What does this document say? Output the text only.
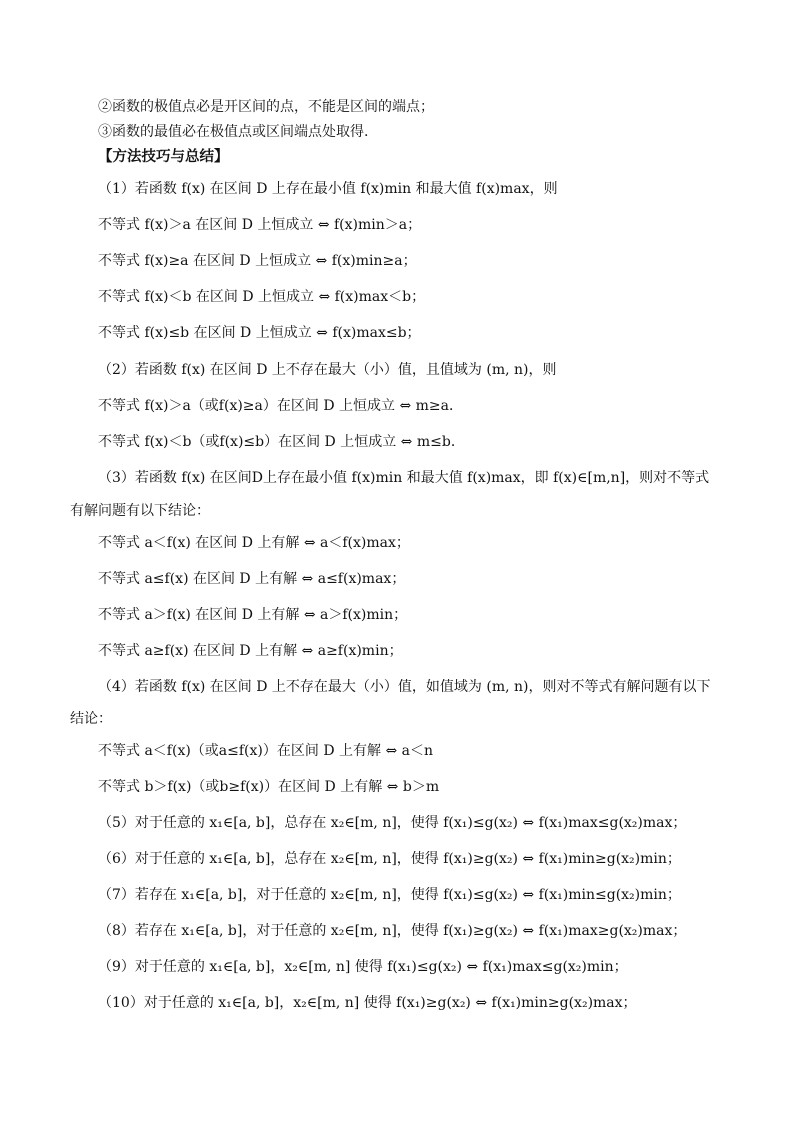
②函数的极值点必是开区间的点，不能是区间的端点；
③函数的最值必在极值点或区间端点处取得.
【方法技巧与总结】
（1）若函数 f(x) 在区间 D 上存在最小值 f(x)min 和最大值 f(x)max，则
不等式 f(x)＞a 在区间 D 上恒成立 ⇔ f(x)min＞a；
不等式 f(x)≥a 在区间 D 上恒成立 ⇔ f(x)min≥a；
不等式 f(x)＜b 在区间 D 上恒成立 ⇔ f(x)max＜b；
不等式 f(x)≤b 在区间 D 上恒成立 ⇔ f(x)max≤b；
（2）若函数 f(x) 在区间 D 上不存在最大（小）值，且值域为 (m, n)，则
不等式 f(x)＞a（或f(x)≥a）在区间 D 上恒成立 ⇔ m≥a．
不等式 f(x)＜b（或f(x)≤b）在区间 D 上恒成立 ⇔ m≤b．
（3）若函数 f(x) 在区间D上存在最小值 f(x)min 和最大值 f(x)max，即 f(x)∈[m,n]，则对不等式
有解问题有以下结论：
不等式 a＜f(x) 在区间 D 上有解 ⇔ a＜f(x)max；
不等式 a≤f(x) 在区间 D 上有解 ⇔ a≤f(x)max；
不等式 a＞f(x) 在区间 D 上有解 ⇔ a＞f(x)min；
不等式 a≥f(x) 在区间 D 上有解 ⇔ a≥f(x)min；
（4）若函数 f(x) 在区间 D 上不存在最大（小）值，如值域为 (m, n)，则对不等式有解问题有以下
结论：
不等式 a＜f(x)（或a≤f(x)）在区间 D 上有解 ⇔ a＜n
不等式 b＞f(x)（或b≥f(x)）在区间 D 上有解 ⇔ b＞m
（5）对于任意的 x₁∈[a, b]，总存在 x₂∈[m, n]，使得 f(x₁)≤g(x₂) ⇔ f(x₁)max≤g(x₂)max；
（6）对于任意的 x₁∈[a, b]，总存在 x₂∈[m, n]，使得 f(x₁)≥g(x₂) ⇔ f(x₁)min≥g(x₂)min；
（7）若存在 x₁∈[a, b]，对于任意的 x₂∈[m, n]，使得 f(x₁)≤g(x₂) ⇔ f(x₁)min≤g(x₂)min；
（8）若存在 x₁∈[a, b]，对于任意的 x₂∈[m, n]，使得 f(x₁)≥g(x₂) ⇔ f(x₁)max≥g(x₂)max；
（9）对于任意的 x₁∈[a, b]，x₂∈[m, n] 使得 f(x₁)≤g(x₂) ⇔ f(x₁)max≤g(x₂)min；
（10）对于任意的 x₁∈[a, b]，x₂∈[m, n] 使得 f(x₁)≥g(x₂) ⇔ f(x₁)min≥g(x₂)max；
